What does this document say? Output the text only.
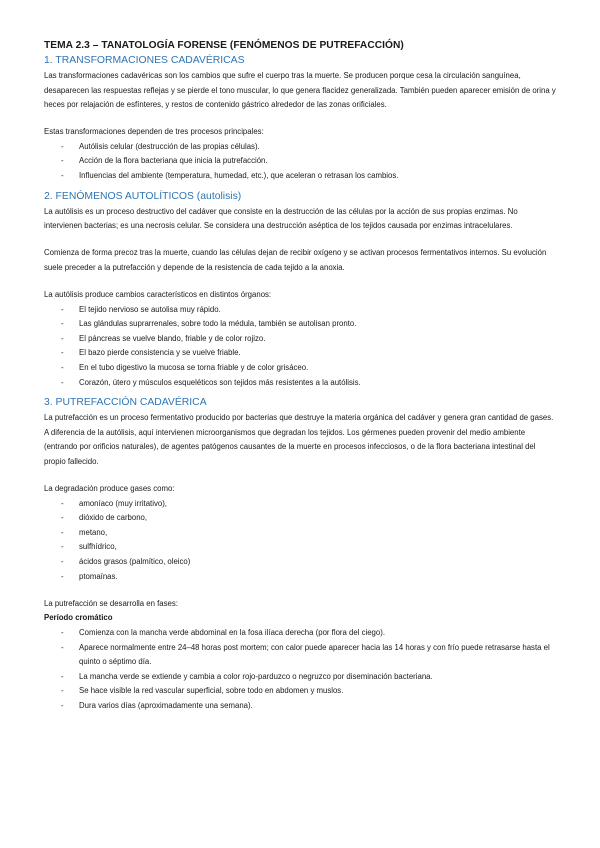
TEMA 2.3 – TANATOLOGÍA FORENSE (FENÓMENOS DE PUTREFACCIÓN)
1. TRANSFORMACIONES CADAVÉRICAS

Las transformaciones cadavéricas son los cambios que sufre el cuerpo tras la muerte. Se producen porque cesa la circulación sanguínea, desaparecen las respuestas reflejas y se pierde el tono muscular, lo que genera flacidez generalizada. También pueden aparecer emisión de orina y heces por relajación de esfínteres, y restos de contenido gástrico alrededor de las zonas orificiales.

Estas transformaciones dependen de tres procesos principales:

- Autólisis celular (destrucción de las propias células).
- Acción de la flora bacteriana que inicia la putrefacción.
- Influencias del ambiente (temperatura, humedad, etc.), que aceleran o retrasan los cambios.
2. FENÓMENOS AUTOLÍTICOS (autolisis)

La autólisis es un proceso destructivo del cadáver que consiste en la destrucción de las células por la acción de sus propias enzimas. No intervienen bacterias; es una necrosis celular. Se considera una destrucción aséptica de los tejidos causada por enzimas intracelulares.

Comienza de forma precoz tras la muerte, cuando las células dejan de recibir oxígeno y se activan procesos fermentativos internos. Su evolución suele preceder a la putrefacción y depende de la resistencia de cada tejido a la anoxia.

La autólisis produce cambios característicos en distintos órganos:

- El tejido nervioso se autolisa muy rápido.
- Las glándulas suprarrenales, sobre todo la médula, también se autolisan pronto.
- El páncreas se vuelve blando, friable y de color rojizo.
- El bazo pierde consistencia y se vuelve friable.
- En el tubo digestivo la mucosa se torna friable y de color grisáceo.
- Corazón, útero y músculos esqueléticos son tejidos más resistentes a la autólisis.
3. PUTREFACCIÓN CADAVÉRICA

La putrefacción es un proceso fermentativo producido por bacterias que destruye la materia orgánica del cadáver y genera gran cantidad de gases. A diferencia de la autólisis, aquí intervienen microorganismos que degradan los tejidos. Los gérmenes pueden provenir del medio ambiente (entrando por orificios naturales), de agentes patógenos causantes de la muerte en procesos infecciosos, o de la flora bacteriana intestinal del propio fallecido.

La degradación produce gases como:

- amoníaco (muy irritativo),
- dióxido de carbono,
- metano,
- sulfhídrico,
- ácidos grasos (palmítico, oleico)
- ptomaínas.

La putrefacción se desarrolla en fases:

Período cromático

- Comienza con la mancha verde abdominal en la fosa ilíaca derecha (por flora del ciego).
- Aparece normalmente entre 24–48 horas post mortem; con calor puede aparecer hacia las 14 horas y con frío puede retrasarse hasta el quinto o séptimo día.
- La mancha verde se extiende y cambia a color rojo-parduzco o negruzco por diseminación bacteriana.
- Se hace visible la red vascular superficial, sobre todo en abdomen y muslos.
- Dura varios días (aproximadamente una semana).
